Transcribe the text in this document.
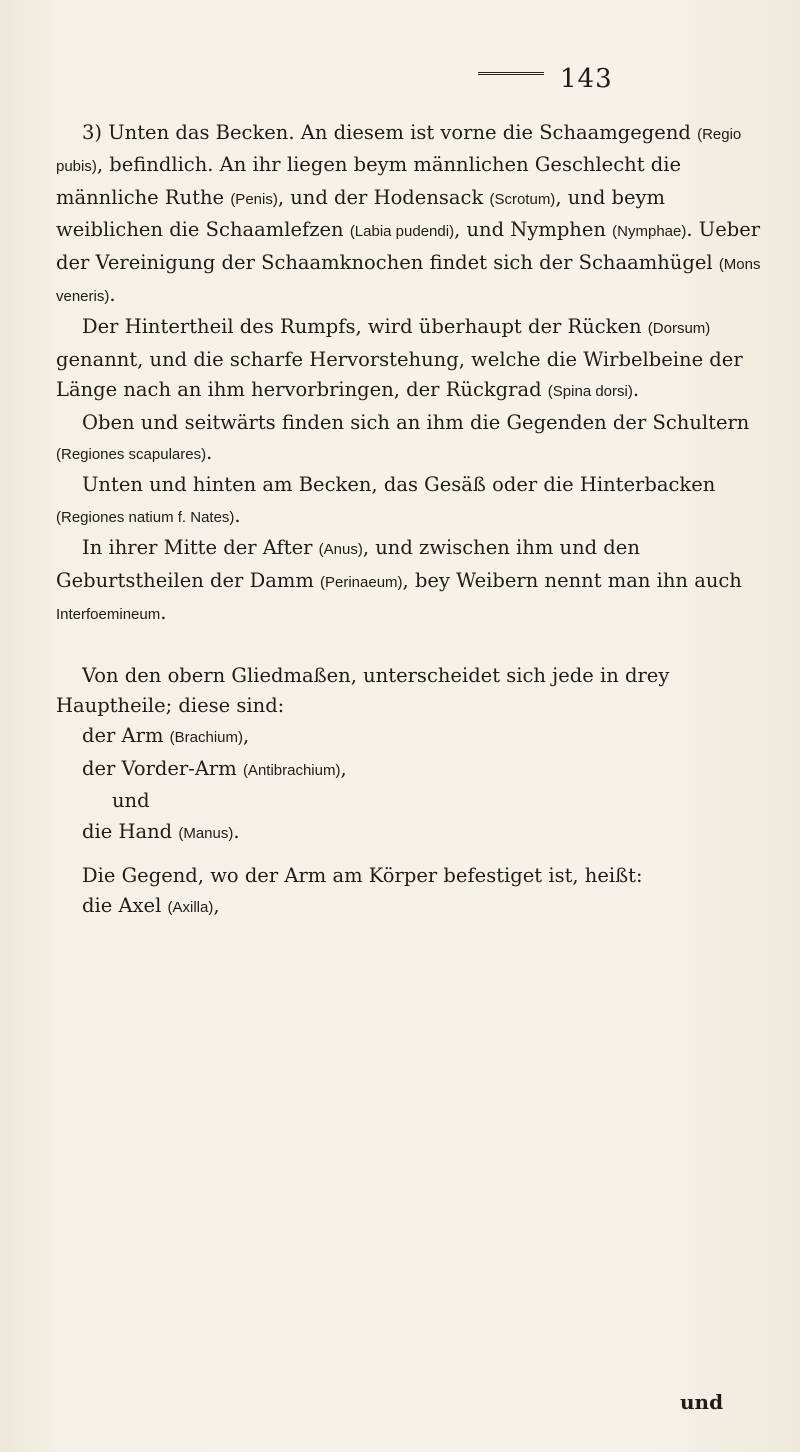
143

3) Unten das Becken. An diesem ist vorne die Schaamgegend (Regio pubis), befindlich. An ihr liegen beym männlichen Geschlecht die männliche Ruthe (Penis), und der Hodensack (Scrotum), und beym weiblichen die Schaamlefzen (Labia pudendi), und Nymphen (Nymphae). Ueber der Vereinigung der Schaamknochen findet sich der Schaamhügel (Mons veneris).

Der Hintertheil des Rumpfs, wird überhaupt der Rücken (Dorsum) genannt, und die scharfe Hervorstehung, welche die Wirbelbeine der Länge nach an ihm hervorbringen, der Rückgrad (Spina dorsi).

Oben und seitwärts finden sich an ihm die Gegenden der Schultern (Regiones scapulares).

Unten und hinten am Becken, das Gesäß oder die Hinterbacken (Regiones natium f. Nates).

In ihrer Mitte der After (Anus), und zwischen ihm und den Geburtstheilen der Damm (Perinaeum), bey Weibern nennt man ihn auch Interfoemineum.

Von den obern Gliedmaßen, unterscheidet sich jede in drey Hauptheile; diese sind:

der Arm (Brachium),
der Vorder-Arm (Antibrachium),
und
die Hand (Manus).

Die Gegend, wo der Arm am Körper befestiget ist, heißt:

die Axel (Axilla),
und
